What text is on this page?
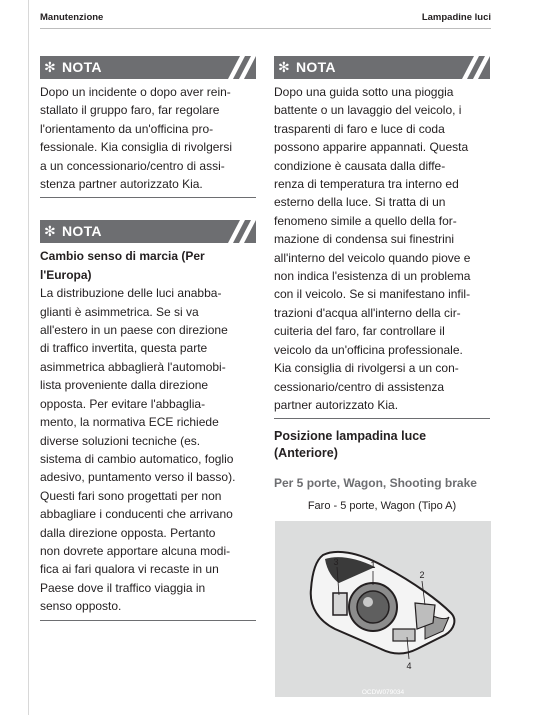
Manutenzione	Lampadine luci
✻ NOTA
Dopo un incidente o dopo aver rein-
stallato il gruppo faro, far regolare
l'orientamento da un'officina pro-
fessionale. Kia consiglia di rivolgersi
a un concessionario/centro di assi-
stenza partner autorizzato Kia.
✻ NOTA
Cambio senso di marcia (Per
l'Europa)
La distribuzione delle luci anabba-
glianti è asimmetrica. Se si va
all'estero in un paese con direzione
di traffico invertita, questa parte
asimmetrica abbaglierà l'automobi-
lista proveniente dalla direzione
opposta. Per evitare l'abbaglia-
mento, la normativa ECE richiede
diverse soluzioni tecniche (es.
sistema di cambio automatico, foglio
adesivo, puntamento verso il basso).
Questi fari sono progettati per non
abbagliare i conducenti che arrivano
dalla direzione opposta. Pertanto
non dovrete apportare alcuna modi-
fica ai fari qualora vi recaste in un
Paese dove il traffico viaggia in
senso opposto.
✻ NOTA
Dopo una guida sotto una pioggia
battente o un lavaggio del veicolo, i
trasparenti di faro e luce di coda
possono apparire appannati. Questa
condizione è causata dalla diffe-
renza di temperatura tra interno ed
esterno della luce. Si tratta di un
fenomeno simile a quello della for-
mazione di condensa sui finestrini
all'interno del veicolo quando piove e
non indica l'esistenza di un problema
con il veicolo. Se si manifestano infil-
trazioni d'acqua all'interno della cir-
cuiteria del faro, far controllare il
veicolo da un'officina professionale.
Kia consiglia di rivolgersi a un con-
cessionario/centro di assistenza
partner autorizzato Kia.
Posizione lampadina luce
(Anteriore)
Per 5 porte, Wagon, Shooting brake
Faro - 5 porte, Wagon (Tipo A)
1
2
3
4
OCDW079034
